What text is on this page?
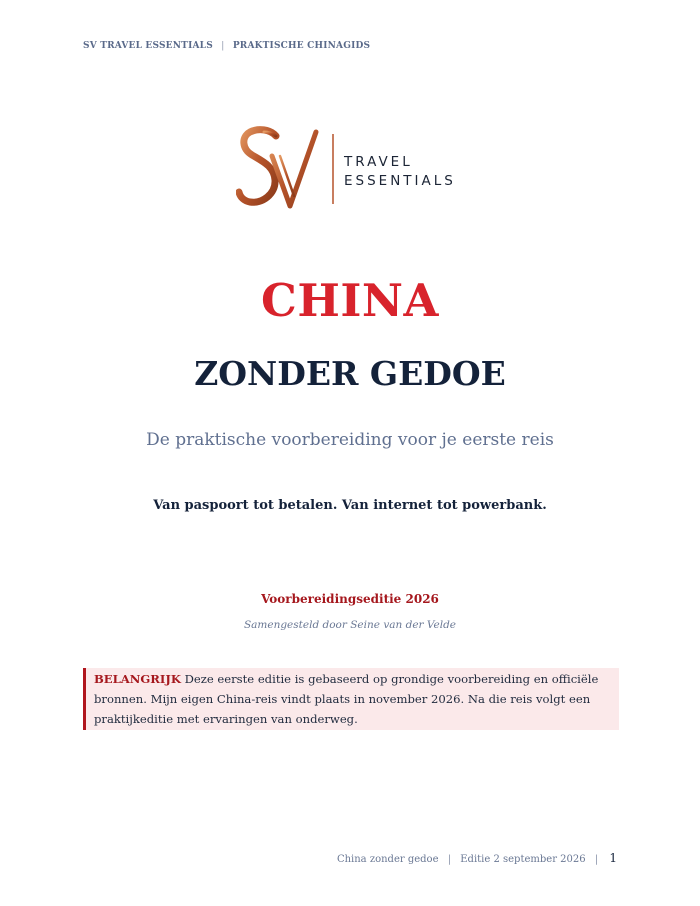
SV TRAVEL ESSENTIALS | PRAKTISCHE CHINAGIDS
TRAVEL
ESSENTIALS
CHINA
ZONDER GEDOE
De praktische voorbereiding voor je eerste reis
Van paspoort tot betalen. Van internet tot powerbank.
Voorbereidingseditie 2026
Samengesteld door Seine van der Velde
BELANGRIJK Deze eerste editie is gebaseerd op grondige voorbereiding en officiële bronnen. Mijn eigen China-reis vindt plaats in november 2026. Na die reis volgt een praktijkeditie met ervaringen van onderweg.
China zonder gedoe | Editie 2 september 2026 | 1
